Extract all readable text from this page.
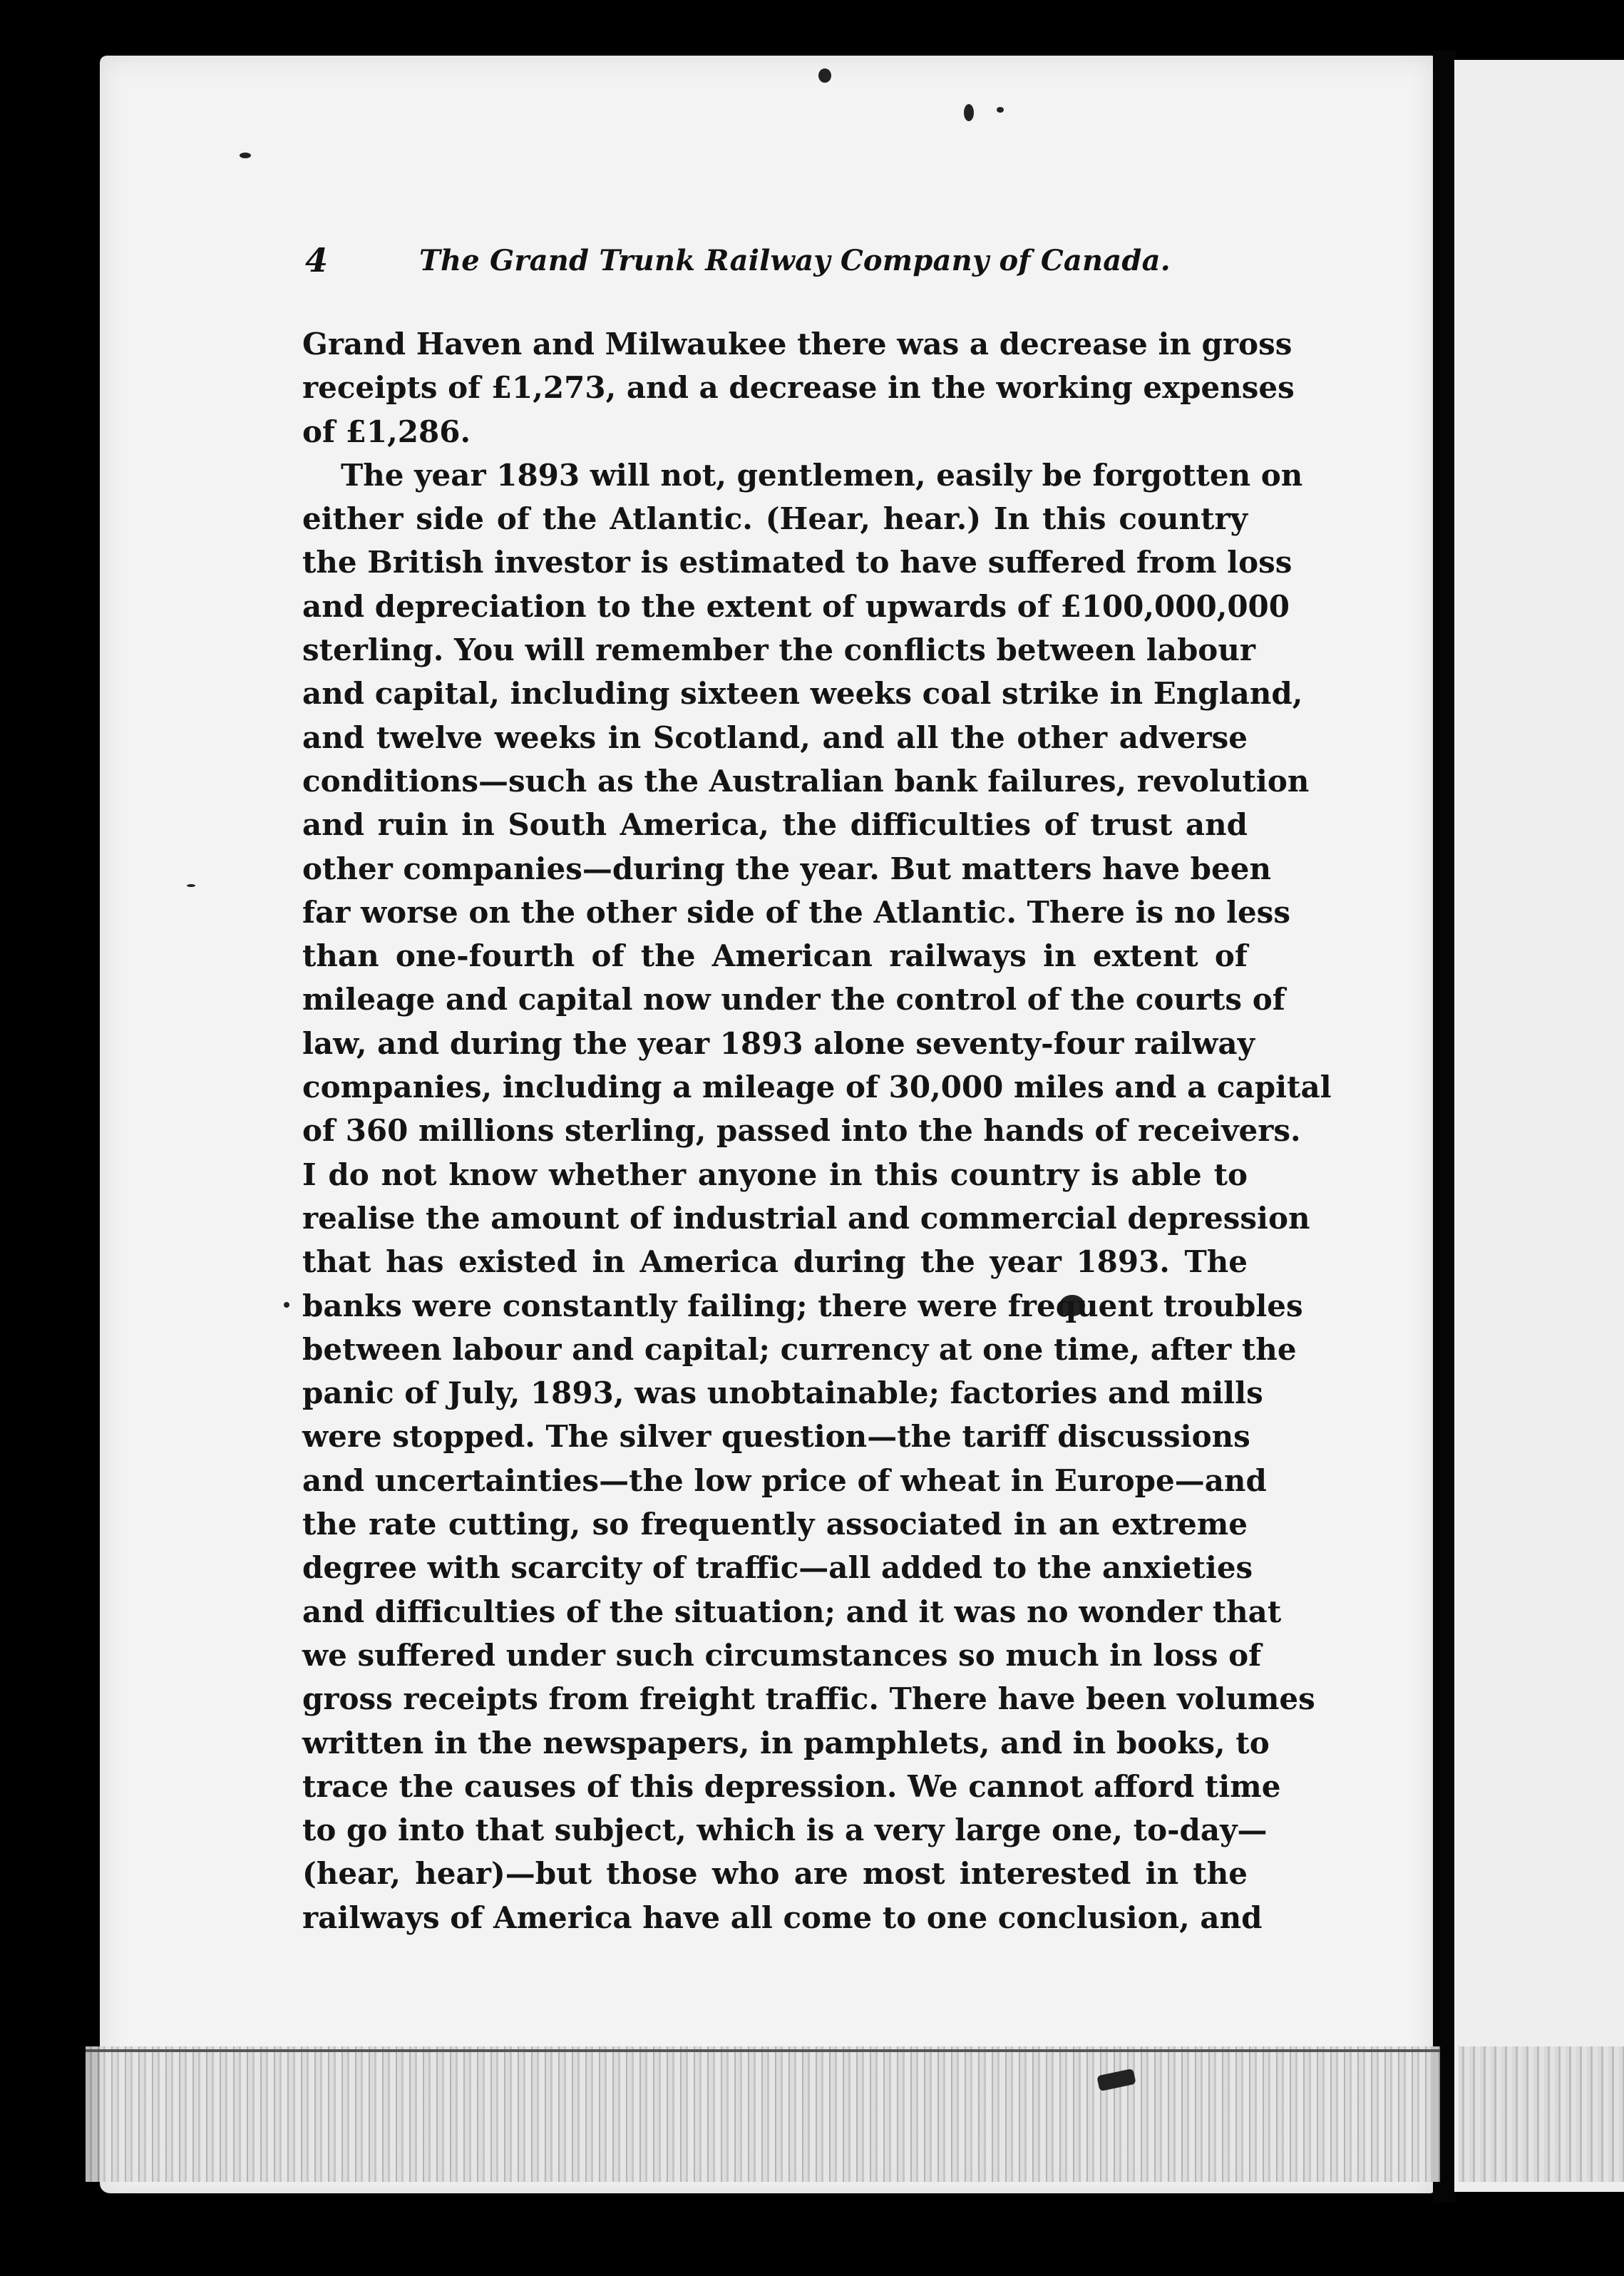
4	The Grand Trunk Railway Company of Canada.
Grand Haven and Milwaukee there was a decrease in gross
receipts of £1,273, and a decrease in the working expenses
of £1,286.
The year 1893 will not, gentlemen, easily be forgotten on
either side of the Atlantic. (Hear, hear.) In this country
the British investor is estimated to have suffered from loss
and depreciation to the extent of upwards of £100,000,000
sterling. You will remember the conflicts between labour
and capital, including sixteen weeks coal strike in England,
and twelve weeks in Scotland, and all the other adverse
conditions—such as the Australian bank failures, revolution
and ruin in South America, the difficulties of trust and
other companies—during the year. But matters have been
far worse on the other side of the Atlantic. There is no less
than one-fourth of the American railways in extent of
mileage and capital now under the control of the courts of
law, and during the year 1893 alone seventy-four railway
companies, including a mileage of 30,000 miles and a capital
of 360 millions sterling, passed into the hands of receivers.
I do not know whether anyone in this country is able to
realise the amount of industrial and commercial depression
that has existed in America during the year 1893. The
banks were constantly failing; there were frequent troubles
between labour and capital; currency at one time, after the
panic of July, 1893, was unobtainable; factories and mills
were stopped. The silver question—the tariff discussions
and uncertainties—the low price of wheat in Europe—and
the rate cutting, so frequently associated in an extreme
degree with scarcity of traffic—all added to the anxieties
and difficulties of the situation; and it was no wonder that
we suffered under such circumstances so much in loss of
gross receipts from freight traffic. There have been volumes
written in the newspapers, in pamphlets, and in books, to
trace the causes of this depression. We cannot afford time
to go into that subject, which is a very large one, to-day—
(hear, hear)—but those who are most interested in the
railways of America have all come to one conclusion, and
